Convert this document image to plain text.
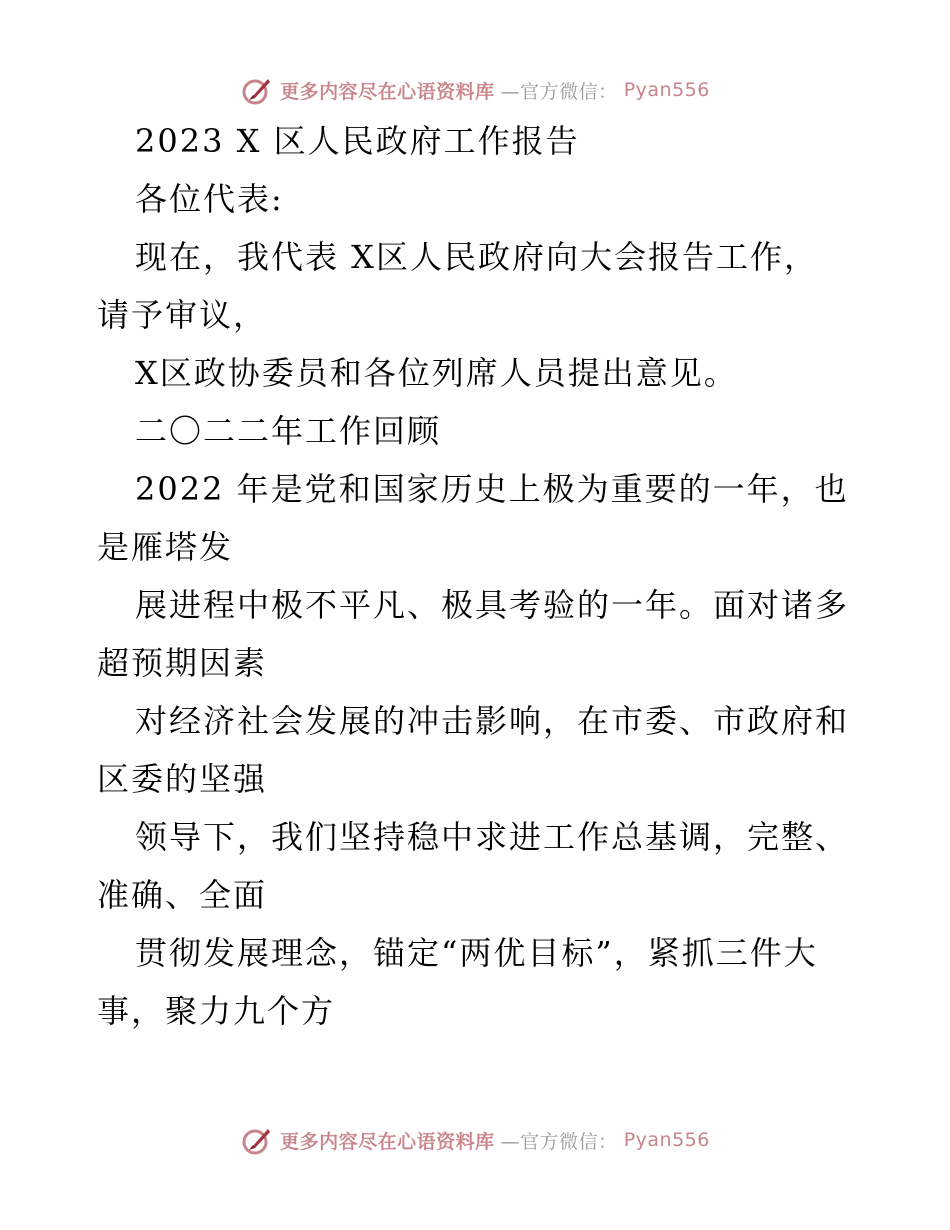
更多内容尽在心语资料库 —官方微信： Pyan556
2023 X 区人民政府工作报告
各位代表:
现在，我代表 X区人民政府向大会报告工作，
请予审议，
X区政协委员和各位列席人员提出意见。
二〇二二年工作回顾
2022 年是党和国家历史上极为重要的一年，也
是雁塔发
展进程中极不平凡、极具考验的一年。面对诸多
超预期因素
对经济社会发展的冲击影响，在市委、市政府和
区委的坚强
领导下，我们坚持稳中求进工作总基调，完整、
准确、全面
贯彻发展理念，锚定“两优目标”，紧抓三件大
事，聚力九个方
更多内容尽在心语资料库 —官方微信： Pyan556
